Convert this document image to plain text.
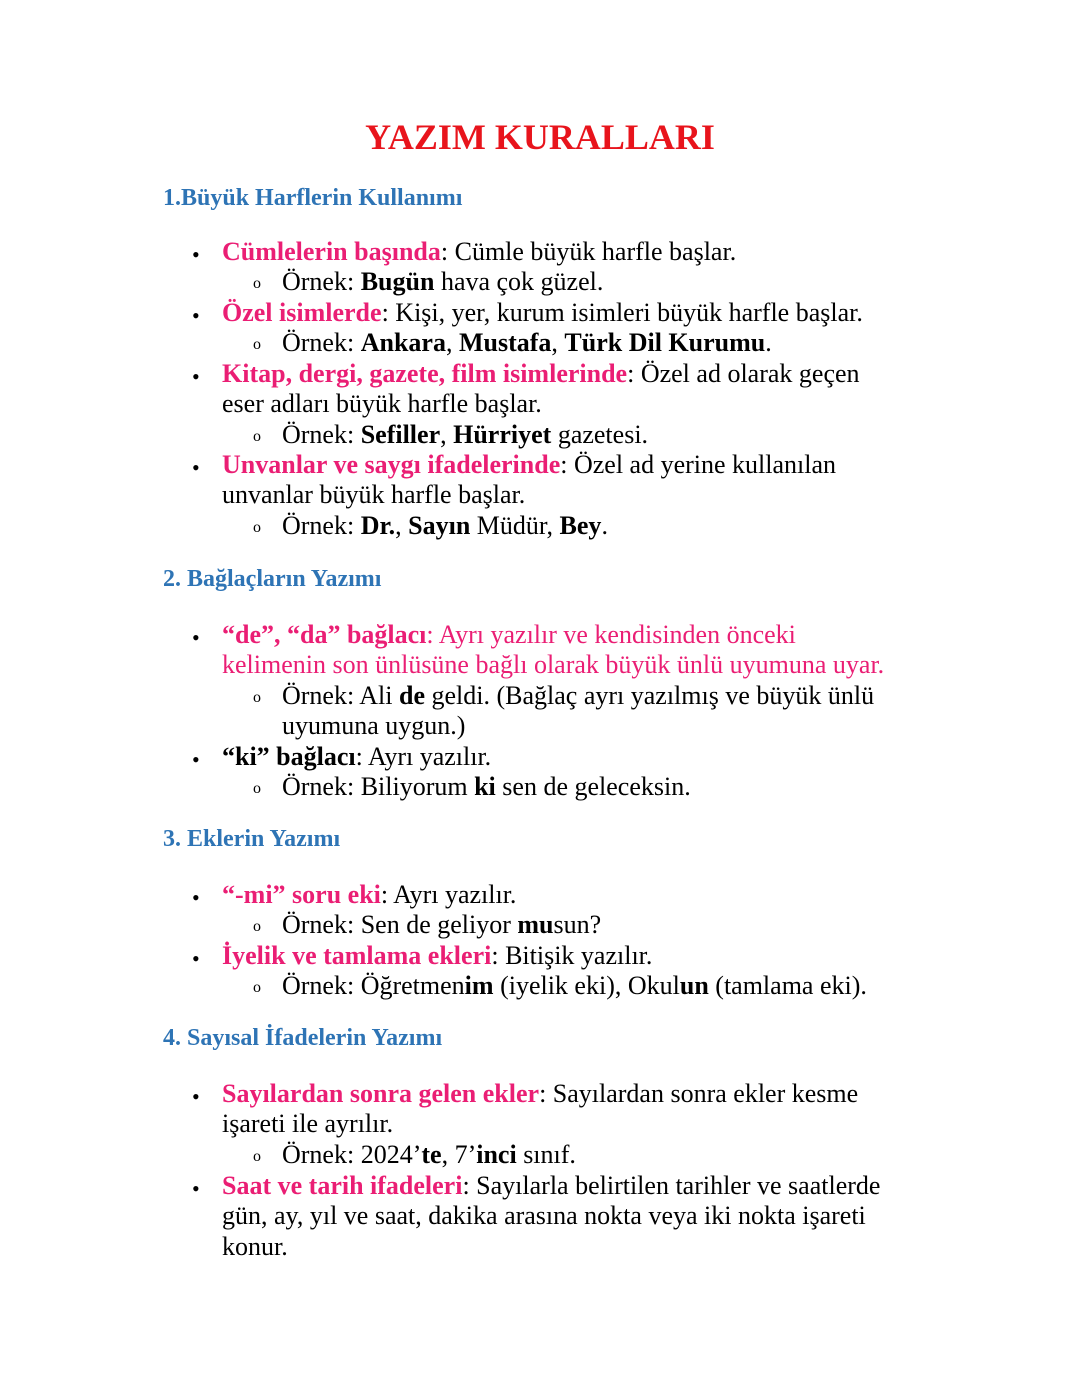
YAZIM KURALLARI
1.Büyük Harflerin Kullanımı
• Cümlelerin başında: Cümle büyük harfle başlar.

o Örnek: Bugün hava çok güzel.

• Özel isimlerde: Kişi, yer, kurum isimleri büyük harfle başlar.

o Örnek: Ankara, Mustafa, Türk Dil Kurumu.

• Kitap, dergi, gazete, film isimlerinde: Özel ad olarak geçen

eser adları büyük harfle başlar.

o Örnek: Sefiller, Hürriyet gazetesi.

• Unvanlar ve saygı ifadelerinde: Özel ad yerine kullanılan

unvanlar büyük harfle başlar.

o Örnek: Dr., Sayın Müdür, Bey.

2. Bağlaçların Yazımı
• “de”, “da” bağlacı: Ayrı yazılır ve kendisinden önceki

kelimenin son ünlüsüne bağlı olarak büyük ünlü uyumuna uyar.

o Örnek: Ali de geldi. (Bağlaç ayrı yazılmış ve büyük ünlü

uyumuna uygun.)

• “ki” bağlacı: Ayrı yazılır.

o Örnek: Biliyorum ki sen de geleceksin.

3. Eklerin Yazımı
• “-mi” soru eki: Ayrı yazılır.

o Örnek: Sen de geliyor musun?

• İyelik ve tamlama ekleri: Bitişik yazılır.

o Örnek: Öğretmenim (iyelik eki), Okulun (tamlama eki).

4. Sayısal İfadelerin Yazımı
• Sayılardan sonra gelen ekler: Sayılardan sonra ekler kesme

işareti ile ayrılır.

o Örnek: 2024’te, 7’inci sınıf.

• Saat ve tarih ifadeleri: Sayılarla belirtilen tarihler ve saatlerde

gün, ay, yıl ve saat, dakika arasına nokta veya iki nokta işareti

konur.
